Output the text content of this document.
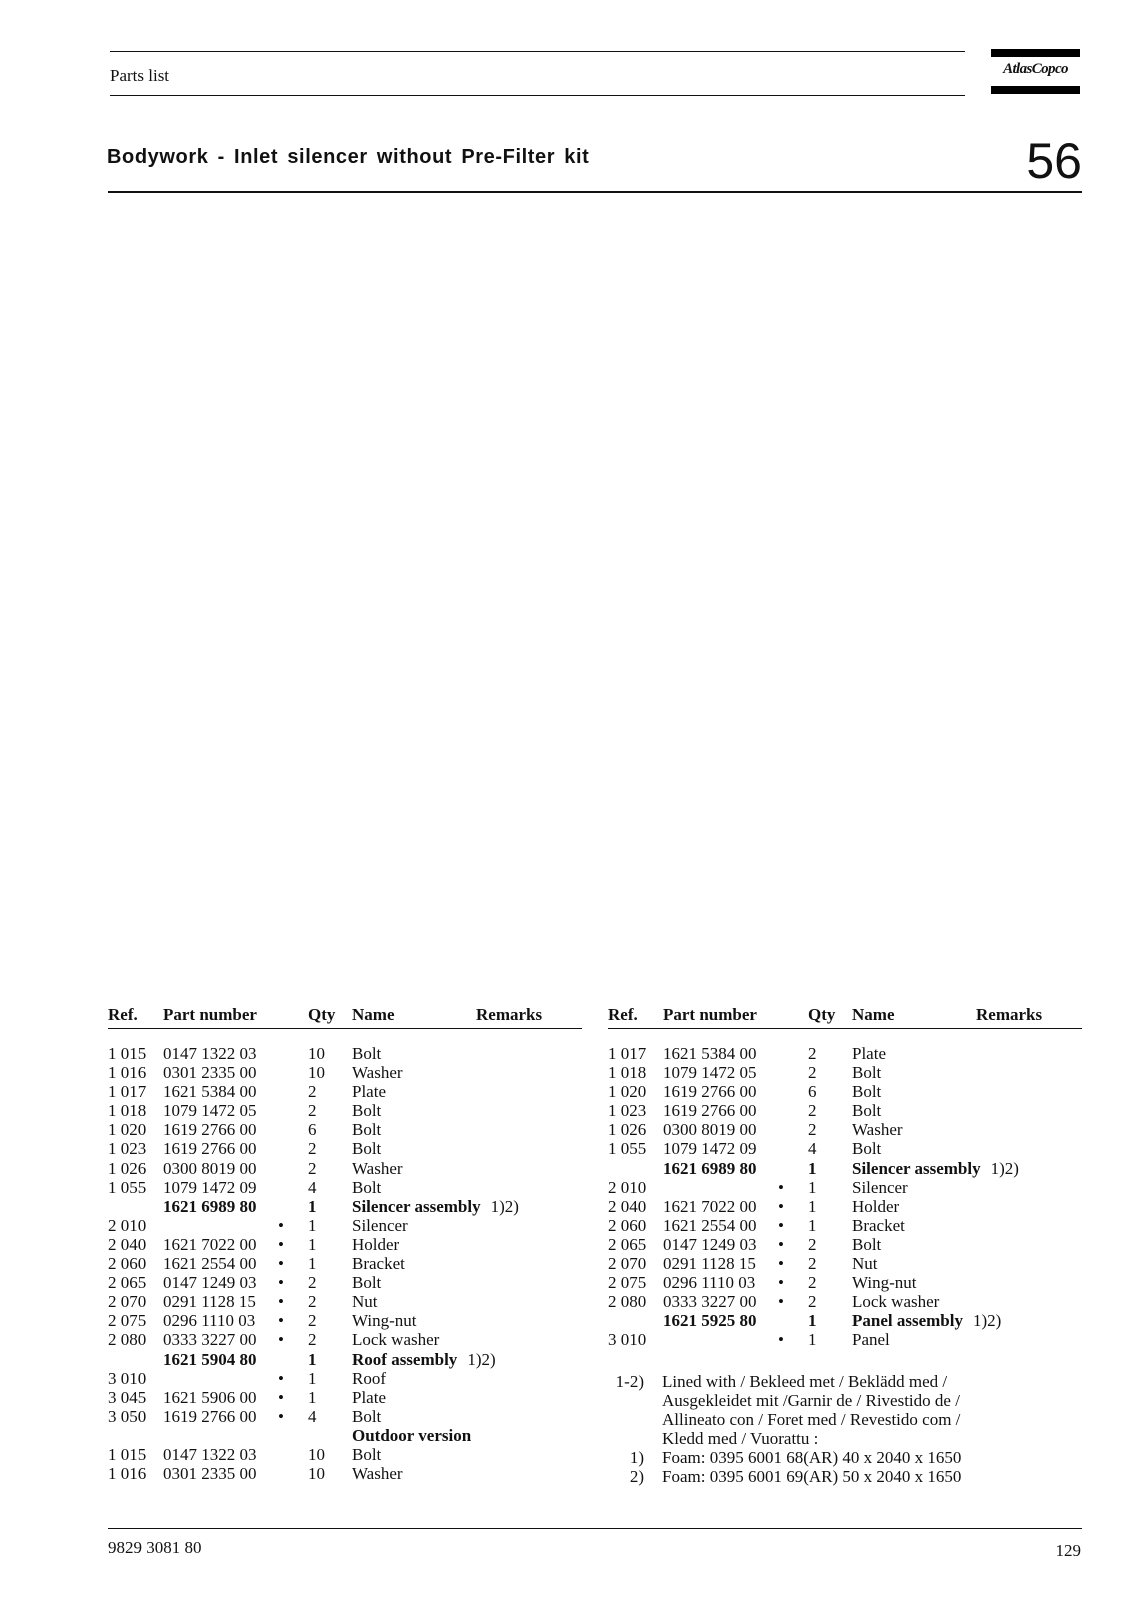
Parts list	AtlasCopco
Bodywork - Inlet silencer without Pre-Filter kit	56
Ref. Part number	Qty Name	Remarks
1 015 0147 1322 03	10 Bolt
1 016 0301 2335 00	10 Washer
1 017 1621 5384 00	2 Plate
1 018 1079 1472 05	2 Bolt
1 020 1619 2766 00	6 Bolt
1 023 1619 2766 00	2 Bolt
1 026 0300 8019 00	2 Washer
1 055 1079 1472 09	4 Bolt
1621 6989 80	1 Silencer assembly 1)2)
2 010	• 1 Silencer
2 040 1621 7022 00 • 1 Holder
2 060 1621 2554 00 • 1 Bracket
2 065 0147 1249 03 • 2 Bolt
2 070 0291 1128 15 • 2 Nut
2 075 0296 1110 03 • 2 Wing-nut
2 080 0333 3227 00 • 2 Lock washer
1621 5904 80	1 Roof assembly 1)2)
3 010	• 1 Roof
3 045 1621 5906 00 • 1 Plate
3 050 1619 2766 00 • 4 Bolt
Outdoor version
1 015 0147 1322 03	10 Bolt
1 016 0301 2335 00	10 Washer
Ref. Part number	Qty Name	Remarks
1 017 1621 5384 00	2 Plate
1 018 1079 1472 05	2 Bolt
1 020 1619 2766 00	6 Bolt
1 023 1619 2766 00	2 Bolt
1 026 0300 8019 00	2 Washer
1 055 1079 1472 09	4 Bolt
1621 6989 80	1 Silencer assembly 1)2)
2 010	• 1 Silencer
2 040 1621 7022 00 • 1 Holder
2 060 1621 2554 00 • 1 Bracket
2 065 0147 1249 03 • 2 Bolt
2 070 0291 1128 15 • 2 Nut
2 075 0296 1110 03 • 2 Wing-nut
2 080 0333 3227 00 • 2 Lock washer
1621 5925 80	1 Panel assembly 1)2)
3 010	• 1 Panel
1-2) Lined with / Bekleed met / Beklädd med /
Ausgekleidet mit /Garnir de / Rivestido de /
Allineato con / Foret med / Revestido com /
Kledd med / Vuorattu :
1) Foam: 0395 6001 68(AR) 40 x 2040 x 1650
2) Foam: 0395 6001 69(AR) 50 x 2040 x 1650
9829 3081 80	129
